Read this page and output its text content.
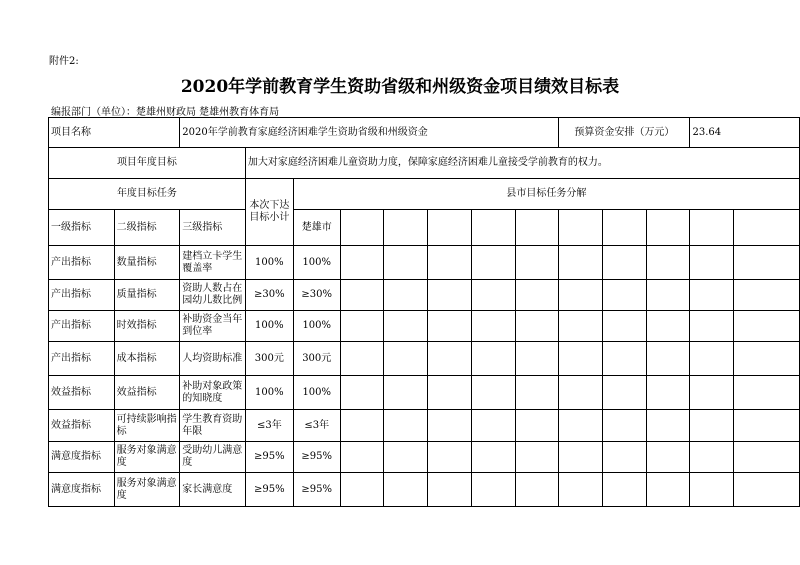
附件2:
2020年学前教育学生资助省级和州级资金项目绩效目标表
编报部门（单位）：楚雄州财政局 楚雄州教育体育局
项目名称		2020年学前教育家庭经济困难学生资助省级和州级资金								预算资金安排（万元）			23.64	
项目年度目标			加大对家庭经济困难儿童资助力度，保障家庭经济困难儿童接受学前教育的权力。											
年度目标任务			本次下达目标小计	县市目标任务分解										
一级指标	二级指标	三级指标		楚雄市										
产出指标	数量指标	建档立卡学生覆盖率	100%	100%										
产出指标	质量指标	资助人数占在园幼儿数比例	≥30%	≥30%										
产出指标	时效指标	补助资金当年到位率	100%	100%										
产出指标	成本指标	人均资助标准	300元	300元										
效益指标	效益指标	补助对象政策的知晓度	100%	100%										
效益指标	可持续影响指标	学生教育资助年限	≤3年	≤3年										
满意度指标	服务对象满意度	受助幼儿满意度	≥95%	≥95%										
满意度指标	服务对象满意度	家长满意度	≥95%	≥95%										
